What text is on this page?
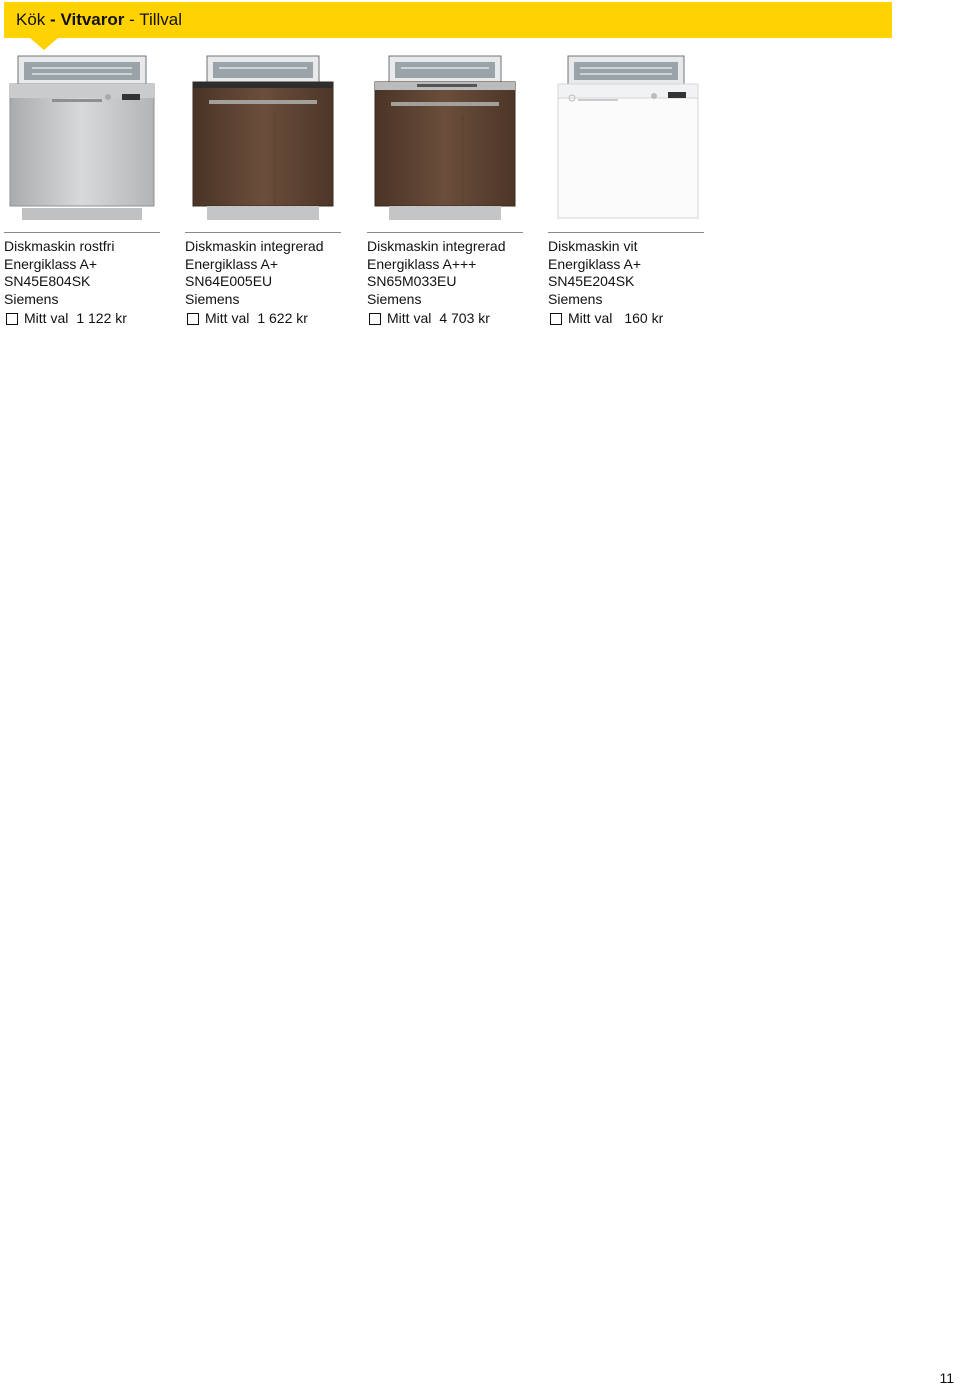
Kök - Vitvaror - Tillval
Diskmaskin rostfri
Energiklass A+
SN45E804SK
Siemens
Mitt val 1 122 kr
Diskmaskin integrerad
Energiklass A+
SN64E005EU
Siemens
Mitt val 1 622 kr
Diskmaskin integrerad
Energiklass A+++
SN65M033EU
Siemens
Mitt val 4 703 kr
Diskmaskin vit
Energiklass A+
SN45E204SK
Siemens
Mitt val 160 kr
11
